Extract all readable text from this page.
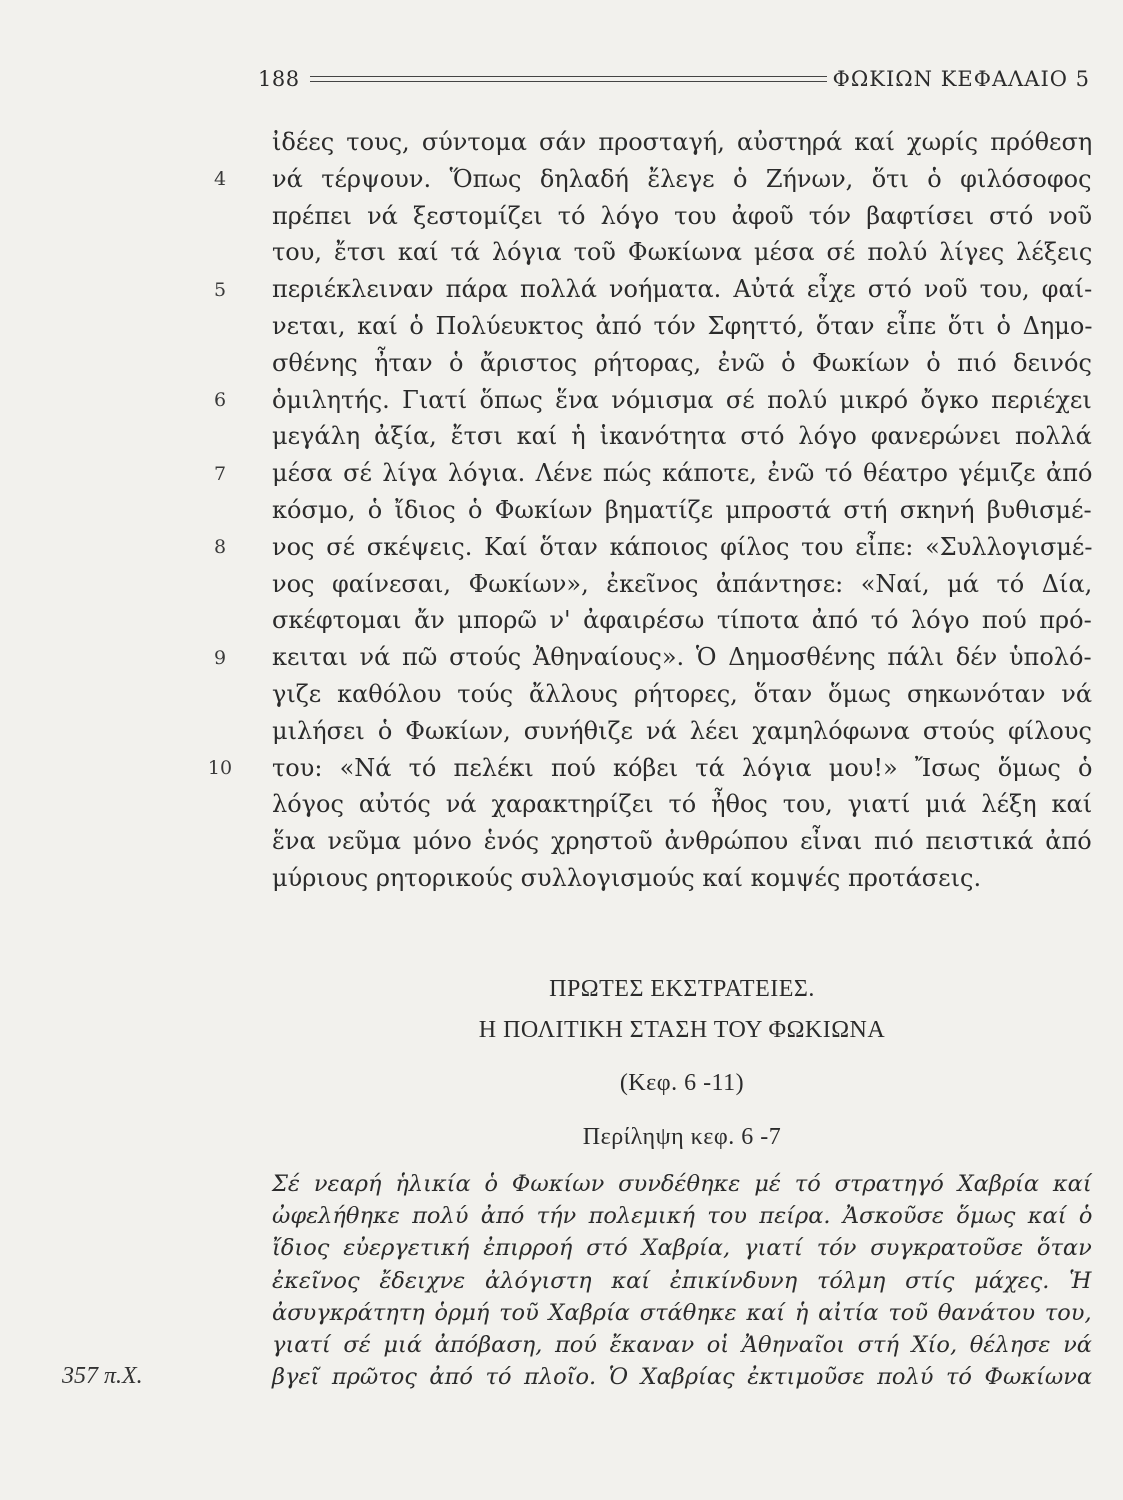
188	ΦΩΚΙΩΝ ΚΕΦΑΛΑΙΟ 5
4
5
6
7
8
9
10
ἰδέες τους, σύντομα σάν προσταγή, αὐστηρά καί χωρίς πρόθεση
νά τέρψουν. Ὅπως δηλαδή ἔλεγε ὁ Ζήνων, ὅτι ὁ φιλόσοφος
πρέπει νά ξεστομίζει τό λόγο του ἀφοῦ τόν βαφτίσει στό νοῦ
του, ἔτσι καί τά λόγια τοῦ Φωκίωνα μέσα σέ πολύ λίγες λέξεις
περιέκλειναν πάρα πολλά νοήματα. Αὐτά εἶχε στό νοῦ του, φαί-
νεται, καί ὁ Πολύευκτος ἀπό τόν Σφηττό, ὅταν εἶπε ὅτι ὁ Δημο-
σθένης ἦταν ὁ ἄριστος ρήτορας, ἐνῶ ὁ Φωκίων ὁ πιό δεινός
ὁμιλητής. Γιατί ὅπως ἕνα νόμισμα σέ πολύ μικρό ὄγκο περιέχει
μεγάλη ἀξία, ἔτσι καί ἡ ἱκανότητα στό λόγο φανερώνει πολλά
μέσα σέ λίγα λόγια. Λένε πώς κάποτε, ἐνῶ τό θέατρο γέμιζε ἀπό
κόσμο, ὁ ἴδιος ὁ Φωκίων βηματίζε μπροστά στή σκηνή βυθισμέ-
νος σέ σκέψεις. Καί ὅταν κάποιος φίλος του εἶπε: «Συλλογισμέ-
νος φαίνεσαι, Φωκίων», ἐκεῖνος ἀπάντησε: «Ναί, μά τό Δία,
σκέφτομαι ἄν μπορῶ ν' ἀφαιρέσω τίποτα ἀπό τό λόγο πού πρό-
κειται νά πῶ στούς Ἀθηναίους». Ὁ Δημοσθένης πάλι δέν ὑπολό-
γιζε καθόλου τούς ἄλλους ρήτορες, ὅταν ὅμως σηκωνόταν νά
μιλήσει ὁ Φωκίων, συνήθιζε νά λέει χαμηλόφωνα στούς φίλους
του: «Νά τό πελέκι πού κόβει τά λόγια μου!» Ἴσως ὅμως ὁ
λόγος αὐτός νά χαρακτηρίζει τό ἦθος του, γιατί μιά λέξη καί
ἕνα νεῦμα μόνο ἑνός χρηστοῦ ἀνθρώπου εἶναι πιό πειστικά ἀπό
μύριους ρητορικούς συλλογισμούς καί κομψές προτάσεις.
ΠΡΩΤΕΣ ΕΚΣΤΡΑΤΕΙΕΣ.
Η ΠΟΛΙΤΙΚΗ ΣΤΑΣΗ ΤΟΥ ΦΩΚΙΩΝΑ
(Κεφ. 6 -11)
Περίληψη κεφ. 6 -7
Σέ νεαρή ἡλικία ὁ Φωκίων συνδέθηκε μέ τό στρατηγό Χαβρία καί
ὠφελήθηκε πολύ ἀπό τήν πολεμική του πείρα. Ἀσκοῦσε ὅμως καί ὁ
ἴδιος εὐεργετική ἐπιρροή στό Χαβρία, γιατί τόν συγκρατοῦσε ὅταν
ἐκεῖνος ἔδειχνε ἀλόγιστη καί ἐπικίνδυνη τόλμη στίς μάχες. Ἡ
ἀσυγκράτητη ὁρμή τοῦ Χαβρία στάθηκε καί ἡ αἰτία τοῦ θανάτου του,
γιατί σέ μιά ἀπόβαση, πού ἔκαναν οἱ Ἀθηναῖοι στή Χίο, θέλησε νά
βγεῖ πρῶτος ἀπό τό πλοῖο. Ὁ Χαβρίας ἐκτιμοῦσε πολύ τό Φωκίωνα
357 π.Χ.
